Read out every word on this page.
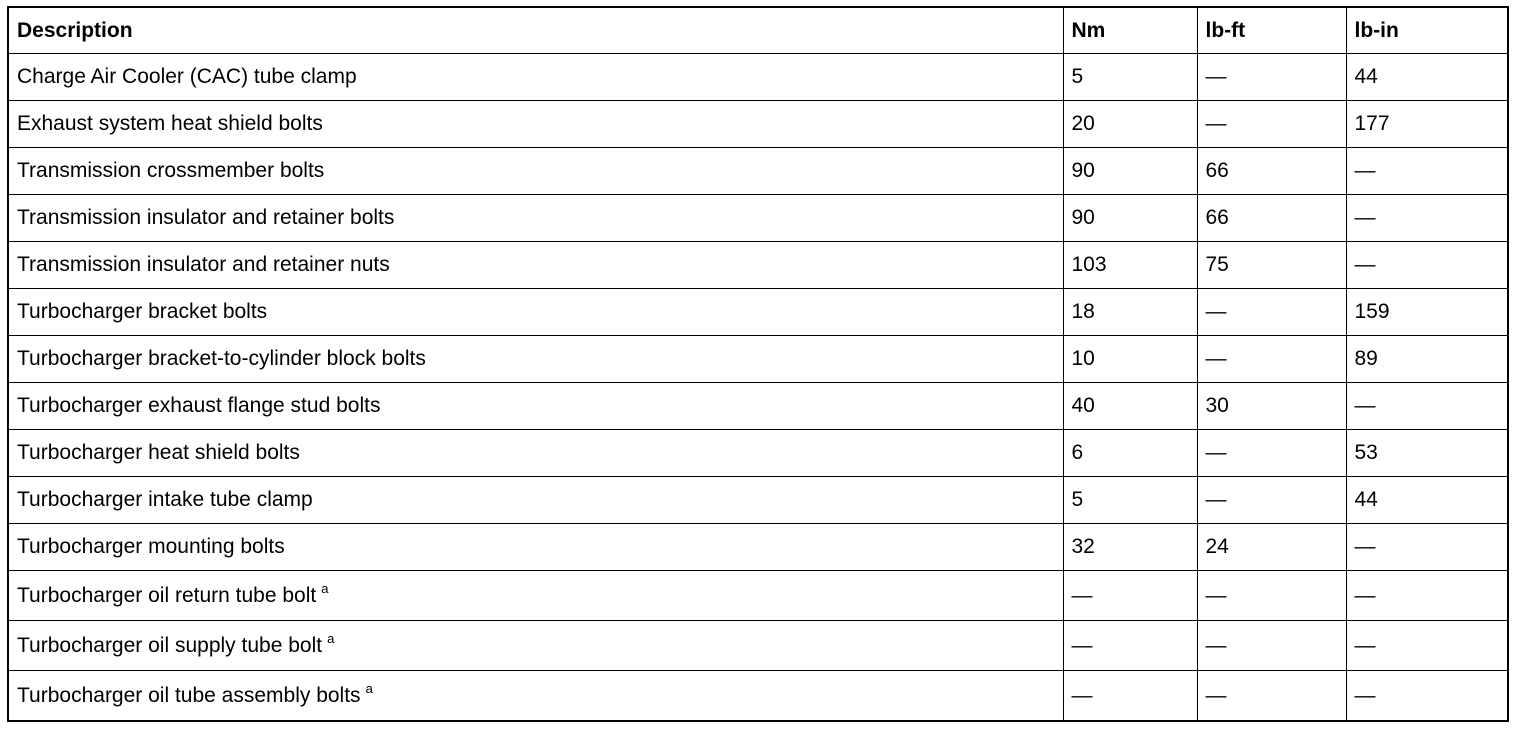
Description	Nm	lb-ft	lb-in
Charge Air Cooler (CAC) tube clamp	5	—	44
Exhaust system heat shield bolts	20	—	177
Transmission crossmember bolts	90	66	—
Transmission insulator and retainer bolts	90	66	—
Transmission insulator and retainer nuts	103	75	—
Turbocharger bracket bolts	18	—	159
Turbocharger bracket-to-cylinder block bolts	10	—	89
Turbocharger exhaust flange stud bolts	40	30	—
Turbocharger heat shield bolts	6	—	53
Turbocharger intake tube clamp	5	—	44
Turbocharger mounting bolts	32	24	—
Turbocharger oil return tube bolt $^a$	—	—	—
Turbocharger oil supply tube bolt $^a$	—	—	—
Turbocharger oil tube assembly bolts $^a$	—	—	—
